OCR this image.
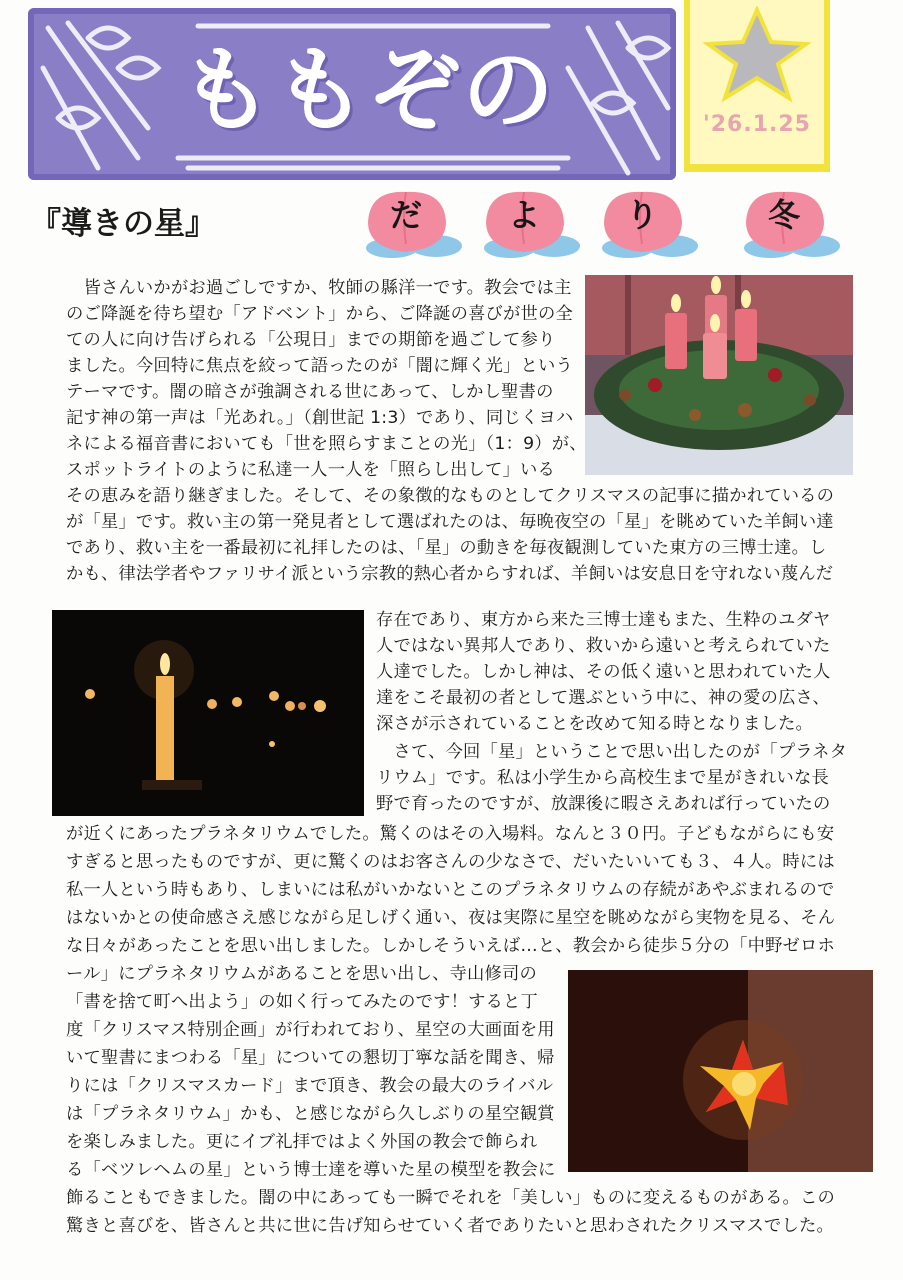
ももぞの	'26.1.25
『導きの星』	だ	よ	り	冬
　皆さんいかがお過ごしですか、牧師の縣洋一です。教会では主
のご降誕を待ち望む「アドベント」から、ご降誕の喜びが世の全
ての人に向け告げられる「公現日」までの期節を過ごして参り
ました。今回特に焦点を絞って語ったのが「闇に輝く光」という
テーマです。闇の暗さが強調される世にあって、しかし聖書の
記す神の第一声は「光あれ。」（創世記 1:3）であり、同じくヨハ
ネによる福音書においても「世を照らすまことの光」（1：9）が、
スポットライトのように私達一人一人を「照らし出して」いる
その恵みを語り継ぎました。そして、その象徴的なものとしてクリスマスの記事に描かれているの
が「星」です。救い主の第一発見者として選ばれたのは、毎晩夜空の「星」を眺めていた羊飼い達
であり、救い主を一番最初に礼拝したのは、「星」の動きを毎夜観測していた東方の三博士達。し
かも、律法学者やファリサイ派という宗教的熱心者からすれば、羊飼いは安息日を守れない蔑んだ
存在であり、東方から来た三博士達もまた、生粋のユダヤ
人ではない異邦人であり、救いから遠いと考えられていた
人達でした。しかし神は、その低く遠いと思われていた人
達をこそ最初の者として選ぶという中に、神の愛の広さ、
深さが示されていることを改めて知る時となりました。
　さて、今回「星」ということで思い出したのが「プラネタ
リウム」です。私は小学生から高校生まで星がきれいな長
野で育ったのですが、放課後に暇さえあれば行っていたの
が近くにあったプラネタリウムでした。驚くのはその入場料。なんと３０円。子どもながらにも安
すぎると思ったものですが、更に驚くのはお客さんの少なさで、だいたいいても３、４人。時には
私一人という時もあり、しまいには私がいかないとこのプラネタリウムの存続があやぶまれるので
はないかとの使命感さえ感じながら足しげく通い、夜は実際に星空を眺めながら実物を見る、そん
な日々があったことを思い出しました。しかしそういえば…と、教会から徒歩５分の「中野ゼロホ
ール」にプラネタリウムがあることを思い出し、寺山修司の
「書を捨て町へ出よう」の如く行ってみたのです！すると丁
度「クリスマス特別企画」が行われており、星空の大画面を用
いて聖書にまつわる「星」についての懇切丁寧な話を聞き、帰
りには「クリスマスカード」まで頂き、教会の最大のライバル
は「プラネタリウム」かも、と感じながら久しぶりの星空観賞
を楽しみました。更にイブ礼拝ではよく外国の教会で飾られ
る「ベツレヘムの星」という博士達を導いた星の模型を教会に
飾ることもできました。闇の中にあっても一瞬でそれを「美しい」ものに変えるものがある。この
驚きと喜びを、皆さんと共に世に告げ知らせていく者でありたいと思わされたクリスマスでした。
